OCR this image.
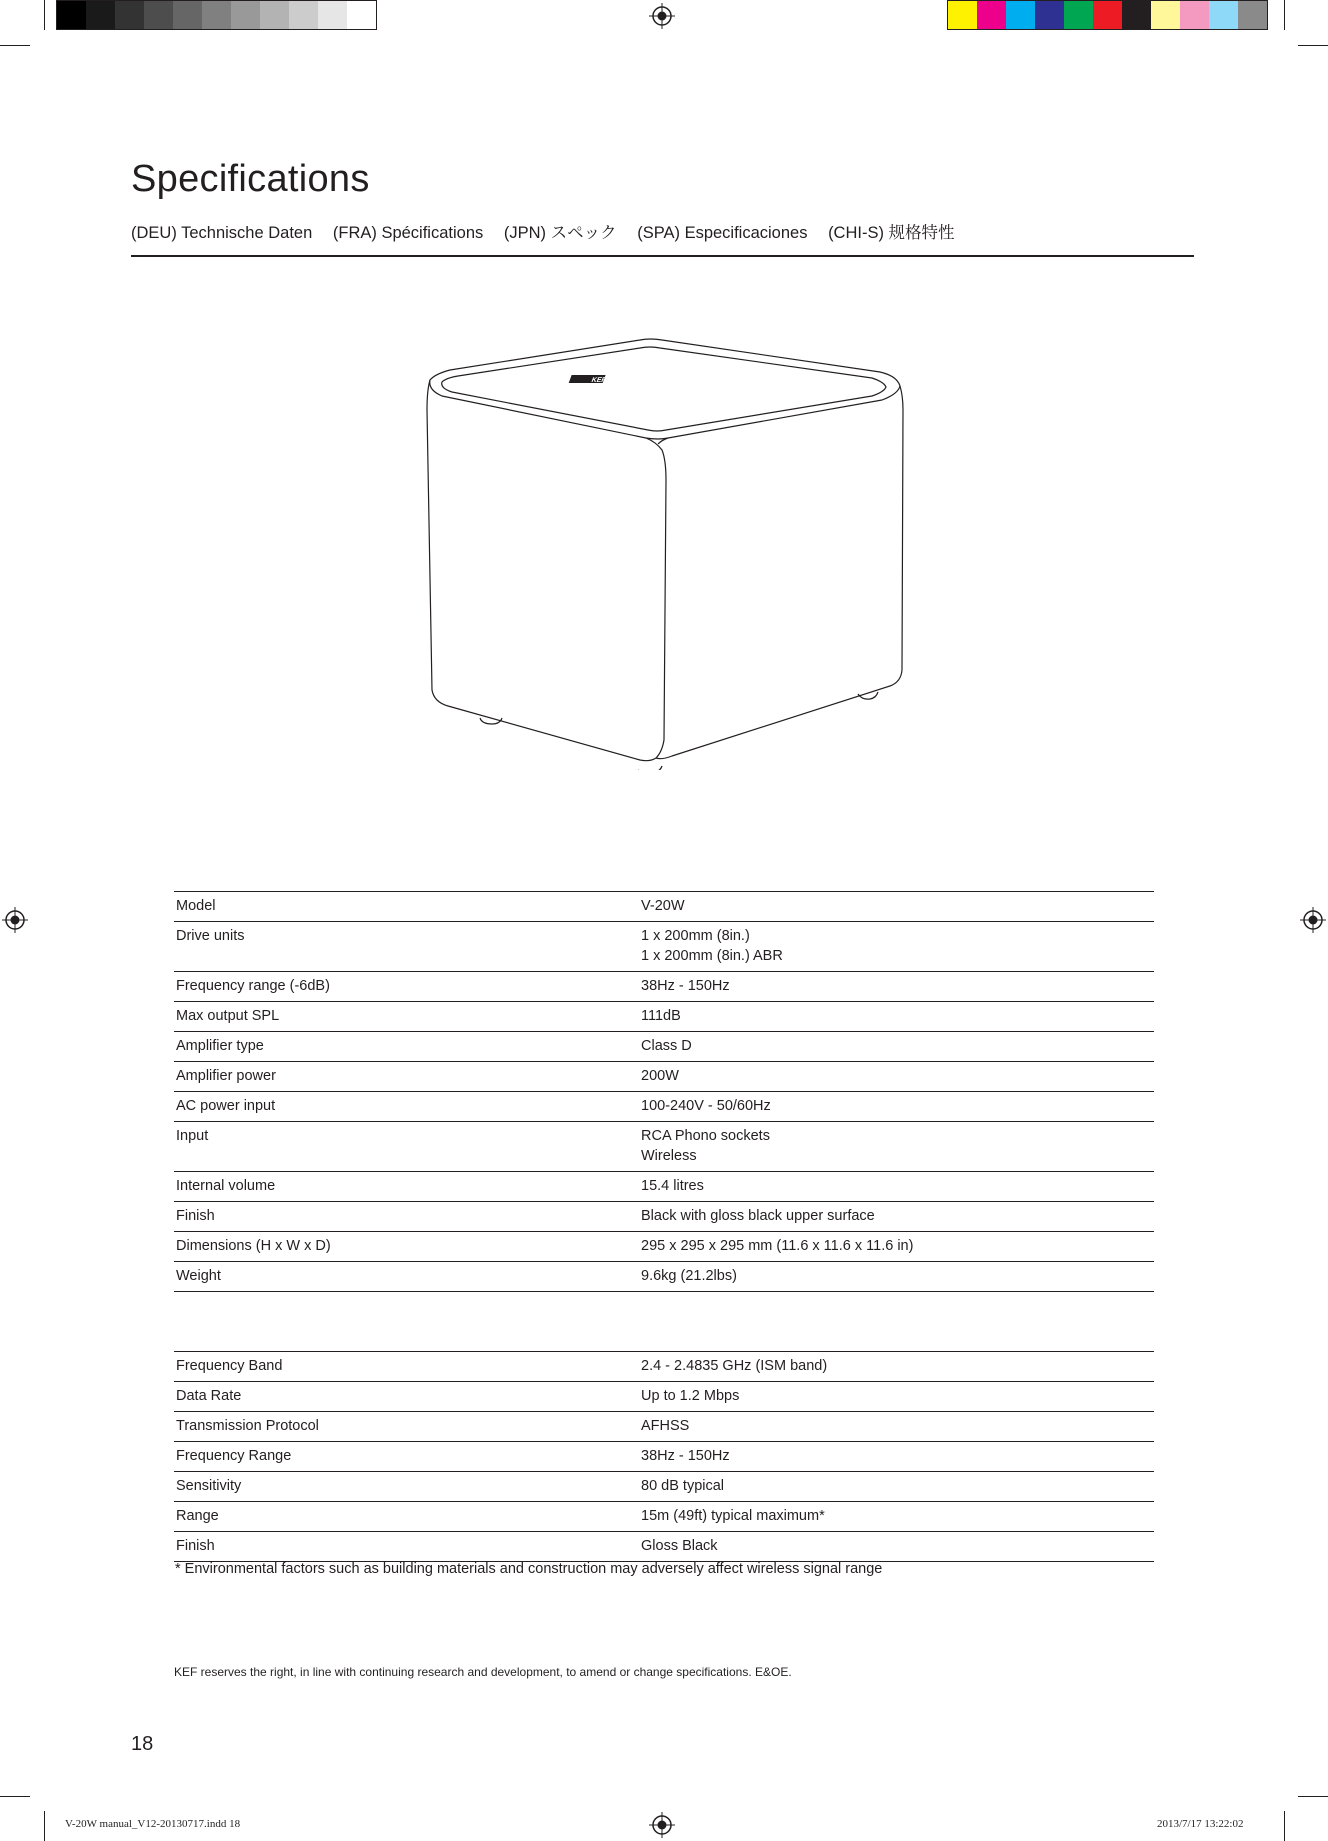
V-20W manual_V12-20130717.indd 18	2013/7/17 13:22:02
Specifications
(DEU) Technische Daten (FRA) Spécifications (JPN) スペック (SPA) Especificaciones (CHI-S) 规格特性
KEF
Model	V-20W

Drive units	1 x 200mm (8in.)
1 x 200mm (8in.) ABR

Frequency range (-6dB)	38Hz - 150Hz

Max output SPL	111dB

Amplifier type	Class D

Amplifier power	200W

AC power input	100-240V - 50/60Hz

Input	RCA Phono sockets
Wireless

Internal volume	15.4 litres

Finish	Black with gloss black upper surface

Dimensions (H x W x D)	295 x 295 x 295 mm (11.6 x 11.6 x 11.6 in)

Weight	9.6kg (21.2lbs)
Frequency Band	2.4 - 2.4835 GHz (ISM band)

Data Rate	Up to 1.2 Mbps

Transmission Protocol	AFHSS

Frequency Range	38Hz - 150Hz

Sensitivity	80 dB typical

Range	15m (49ft) typical maximum*

Finish	Gloss Black
* Environmental factors such as building materials and construction may adversely affect wireless signal range
KEF reserves the right, in line with continuing research and development, to amend or change specifications. E&OE.
18
